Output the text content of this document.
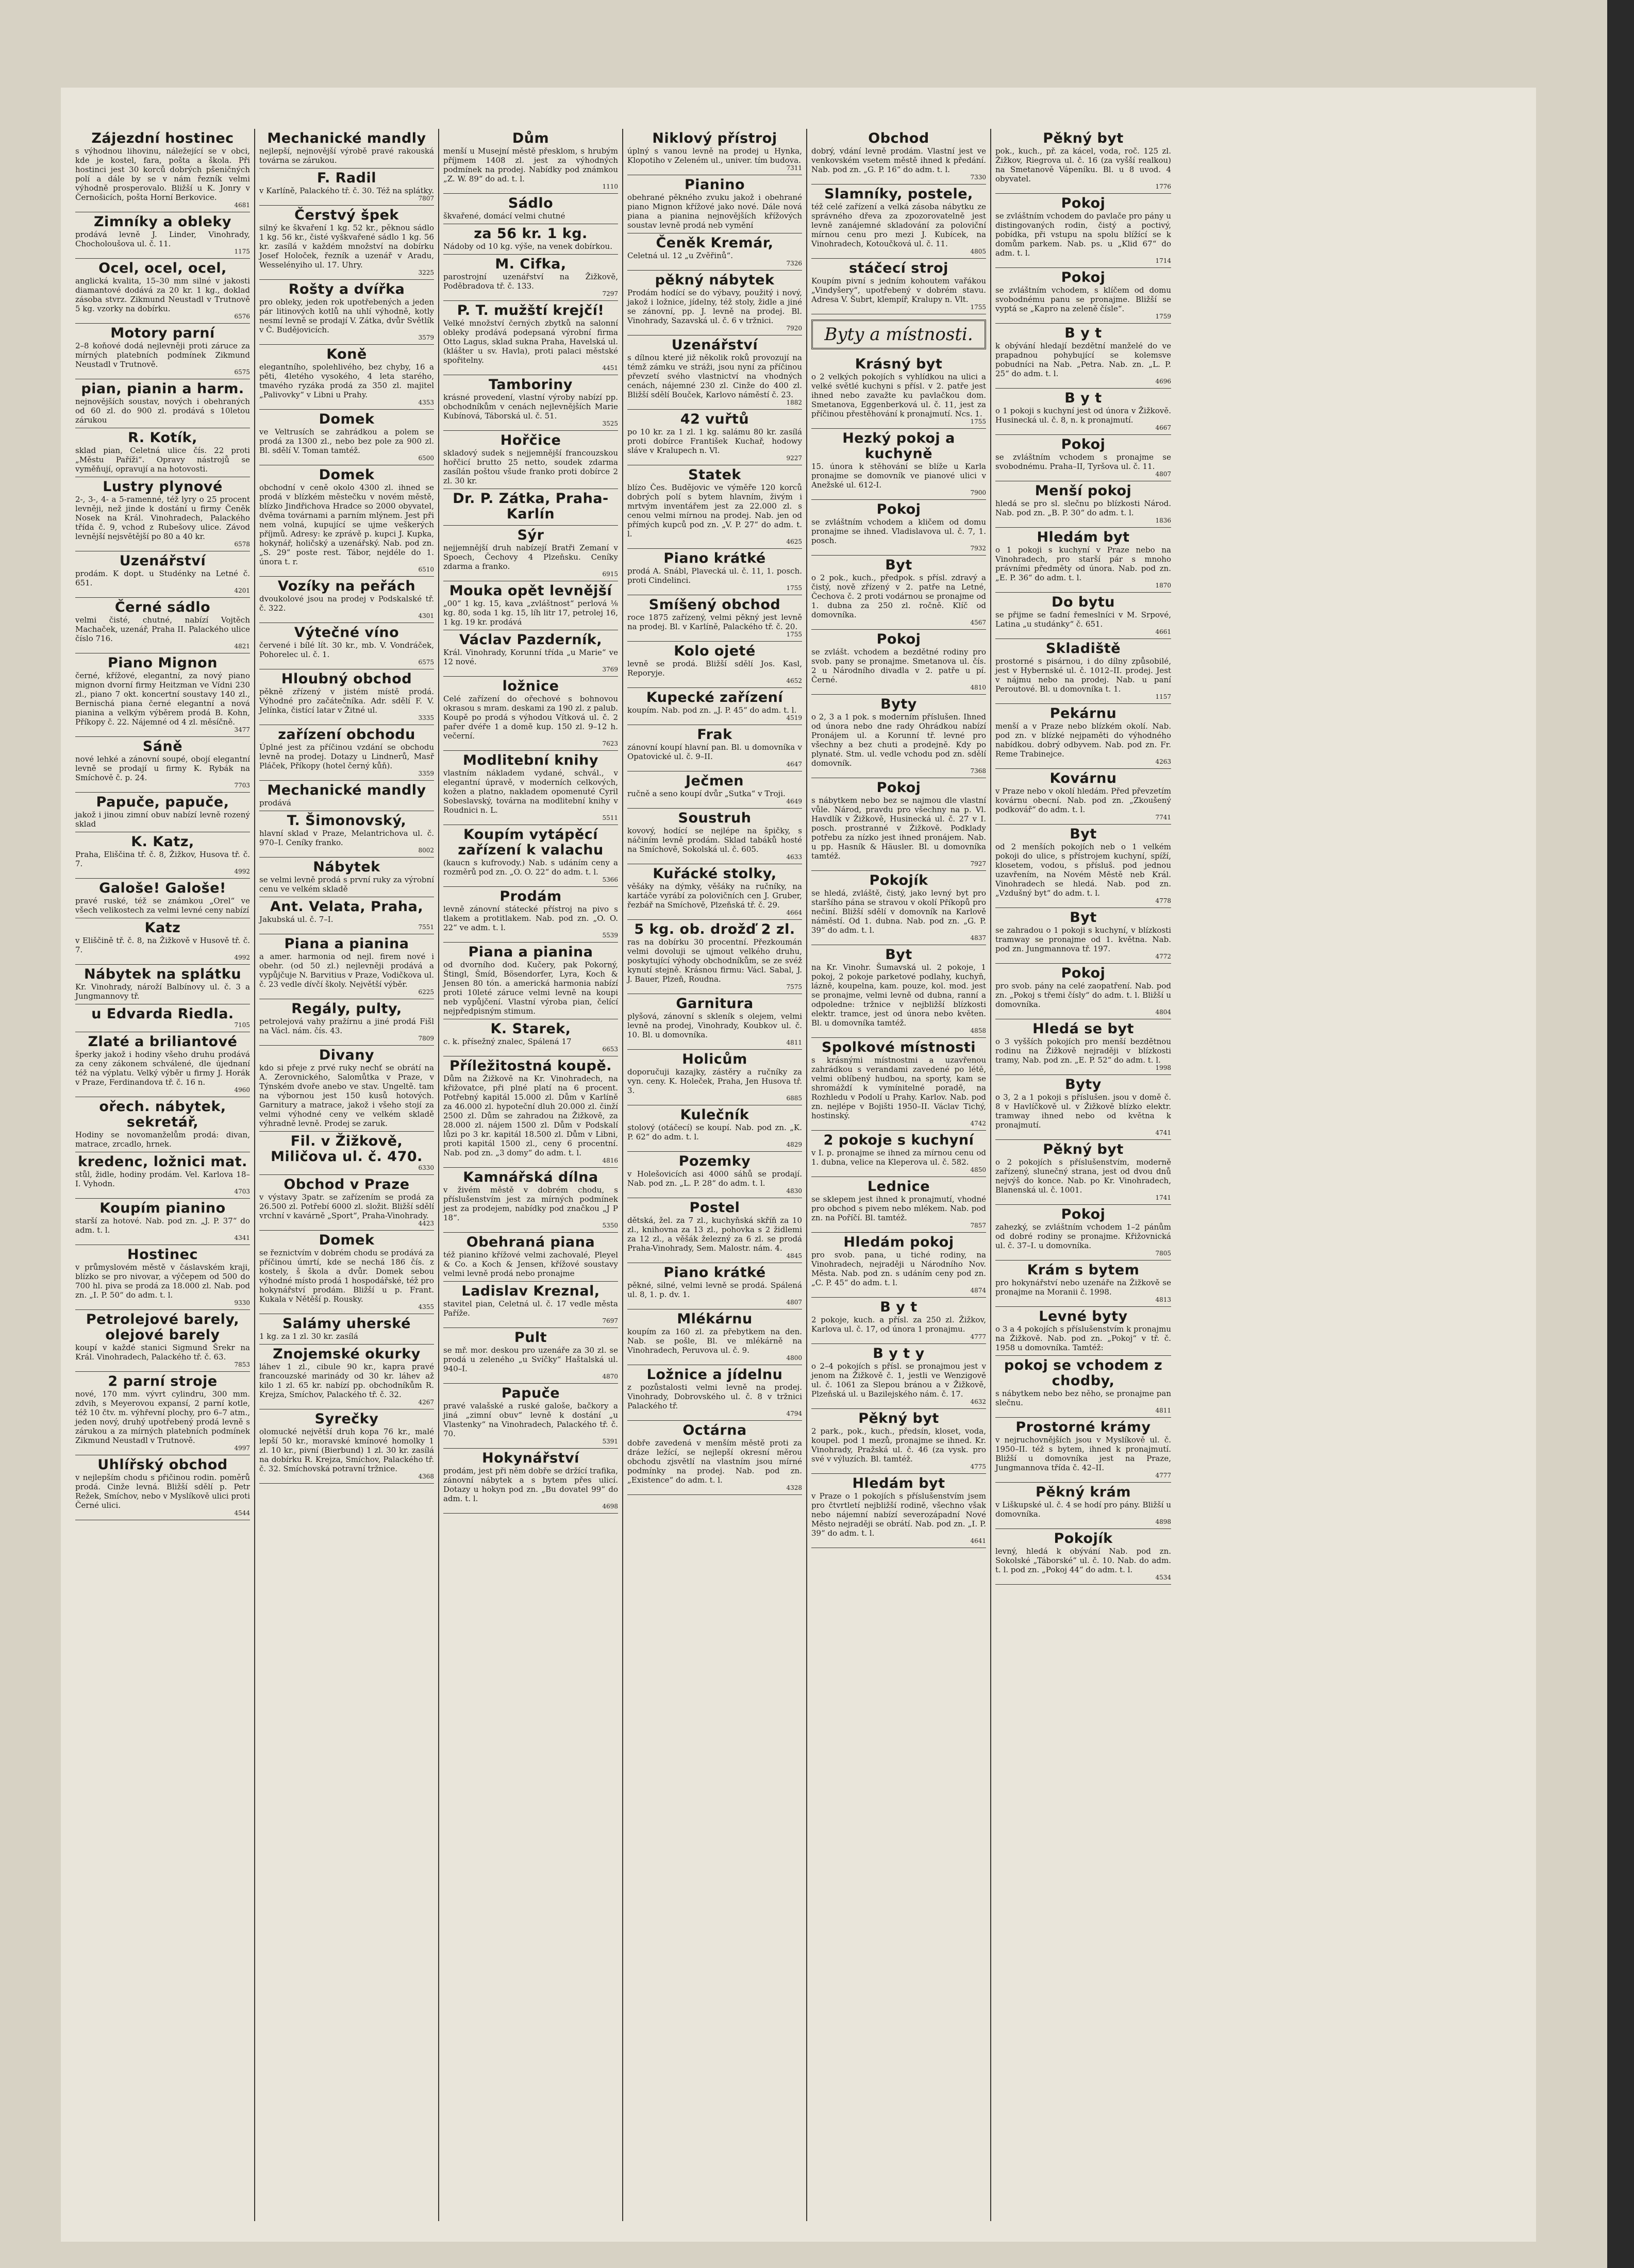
Zájezdní hostinec
s výhodnou lihovinu, náležející se v obci, kde je kostel, fara, pošta a škola. Při hostinci jest 30 korců dobrých pšeničných polí a dále by se v nám řezník velmi výhodně prosperovalo. Bližší u K. Jonry v Černošicích, pošta Horní Berkovice.
4681
Zimníky a obleky
prodává levně J. Linder, Vinohrady, Chocholoušova ul. č. 11.
1175
Ocel, ocel, ocel,
anglická kvalita, 15–30 mm silné v jakosti diamantové dodává za 20 kr. 1 kg., doklad zásoba stvrz. Zikmund Neustadl v Trutnově 5 kg. vzorky na dobírku.
6576
Motory parní
2–8 koňové dodá nejlevněji proti záruce za mírných platebních podmínek Zikmund Neustadl v Trutnově.
6575
pian, pianin a harm.
nejnovějších soustav, nových i obehraných od 60 zl. do 900 zl. prodává s 10letou zárukou
R. Kotík,
sklad pian, Celetná ulice čís. 22 proti „Městu Paříži“. Opravy nástrojů se vyměňují, opravují a na hotovosti.
Lustry plynové
2-, 3-, 4- a 5-ramenné, též lyry o 25 procent levněji, než jinde k dostání u firmy Čeněk Nosek na Král. Vinohradech, Palackého třída č. 9, vchod z Rubešovy ulice. Závod levnější nejsvětější po 80 a 40 kr.
6578
Uzenářství
prodám. K dopt. u Studénky na Letné č. 651.
4201
Černé sádlo
velmi čisté, chutné, nabízí Vojtěch Machaček, uzenář, Praha II. Palackého ulice číslo 716.
4821
Piano Mignon
černé, křížové, elegantní, za nový piano mignon dvorní firmy Heitzman ve Vídni 230 zl., piano 7 okt. koncertní soustavy 140 zl., Bernischá piana černé elegantní a nová pianina a velkým výběrem prodá B. Kohn, Příkopy č. 22. Nájemné od 4 zl. měsíčně.
3477
Sáně
nové lehké a zánovní soupé, obojí elegantní levně se prodají u firmy K. Rybák na Smíchově č. p. 24.
7703
Papuče, papuče,
jakož i jinou zimní obuv nabízí levně rozený sklad
K. Katz,
Praha, Eliščina tř. č. 8, Žižkov, Husova tř. č. 7.
4992
Galoše! Galoše!
pravé ruské, též se známkou „Orel“ ve všech velikostech za velmi levné ceny nabízí
Katz
v Eliščině tř. č. 8, na Žižkově v Husově tř. č. 7.
4992
Nábytek na splátku
Kr. Vinohrady, nároží Balbínovy ul. č. 3 a Jungmannovy tř.
u Edvarda Riedla.
7105
Zlaté a briliantové
šperky jakož i hodiny všeho druhu prodává za ceny zákonem schválené, dle újednaní též na výplatu. Velký výběr u firmy J. Horák v Praze, Ferdinandova tř. č. 16 n.
4960
ořech. nábytek, sekretář,
Hodiny se novomanželům prodá: divan, matrace, zrcadlo, hrnek.
kredenc, ložnici mat.
stůl, židle, hodiny prodám. Vel. Karlova 18–I. Vyhodn.
4703
Koupím pianino
starší za hotové. Nab. pod zn. „J. P. 37“ do adm. t. l.
4341
Hostinec
v průmyslovém městě v čáslavském kraji, blízko se pro nivovar, a výčepem od 500 do 700 hl. piva se prodá za 18.000 zl. Nab. pod zn. „I. P. 50“ do adm. t. l.
9330
Petrolejové barely, olejové barely
koupí v každé stanici Sigmund Šrekr na Král. Vinohradech, Palackého tř. č. 63.
7853
2 parní stroje
nové, 170 mm. vývrt cylindru, 300 mm. zdvih, s Meyerovou expansí, 2 parní kotle, též 10 čtv. m. výhřevní plochy, pro 6–7 atm., jeden nový, druhý upotřebený prodá levně s zárukou a za mírných platebních podmínek Zikmund Neustadl v Trutnově.
4997
Uhlířský obchod
v nejlepším chodu s přičinou rodin. poměrů prodá. Cinže levná. Bližší sdělí p. Petr Režek, Smíchov, nebo v Myslíkově ulici proti Černé ulici.
4544
Mechanické mandly
nejlepší, nejnovější výrobě pravé rakouská továrna se zárukou.
F. Radil
v Karlíně, Palackého tř. č. 30. Též na splátky.
7807
Čerstvý špek
silný ke škvaření 1 kg. 52 kr., pěknou sádlo 1 kg. 56 kr., čisté vyškvařené sádlo 1 kg. 56 kr. zasílá v každém množství na dobírku Josef Holoček, řezník a uzenář v Aradu, Wesselényiho ul. 17. Uhry.
3225
Rošty a dvířka
pro obleky, jeden rok upotřebených a jeden pár litinových kotlů na uhlí výhodně, kotly nesmí levně se prodají V. Zátka, dvůr Světlík v Č. Budějovicích.
3579
Koně
elegantního, spolehlivého, bez chyby, 16 a pěti, 4letého vysokého, 4 leta starého, tmavého ryzáka prodá za 350 zl. majitel „Palivovky“ v Libni u Prahy.
4353
Domek
ve Veltrusích se zahrádkou a polem se prodá za 1300 zl., nebo bez pole za 900 zl. Bl. sdělí V. Toman tamtéž.
6500
Domek
obchodní v ceně okolo 4300 zl. ihned se prodá v blízkém městečku v novém městě, blízko Jindřichova Hradce so 2000 obyvatel, dvěma továrnami a parním mlýnem. Jest při nem volná, kupující se ujme veškerých příjmů. Adresy: ke zprávě p. kupci J. Kupka, hokynář, holičský a uzenářský. Nab. pod zn. „S. 29“ poste rest. Tábor, nejdéle do 1. února t. r.
6510
Vozíky na peřách
dvoukolové jsou na prodej v Podskalské tř. č. 322.
4301
Výtečné víno
červené i bílé lít. 30 kr., mb. V. Vondráček, Pohorelec ul. č. 1.
6575
Hloubný obchod
pěkně zřízený v jistém místě prodá. Výhodné pro začátečníka. Adr. sdělí F. V. Jelínka, čistící latar v Žitné ul.
3335
zařízení obchodu
Úplné jest za příčinou vzdání se obchodu levně na prodej. Dotazy u Lindnerů, Masř Pláček, Příkopy (hotel černý kůň).
3359
Mechanické mandly
prodává
T. Šimonovský,
hlavní sklad v Praze, Melantrichova ul. č. 970–I. Ceníky franko.
8002
Nábytek
se velmi levně prodá s první ruky za výrobní cenu ve velkém skladě
Ant. Velata, Praha,
Jakubská ul. č. 7–I.
7551
Piana a pianina
a amer. harmonia od nejl. firem nové i obehr. (od 50 zl.) nejlevněji prodává a vypůjčuje N. Barvitius v Praze, Vodičkova ul. č. 23 vedle dívčí školy. Největší výběr.
6225
Regály, pulty,
petrolejová vahy pražírnu a jiné prodá Fišl na Václ. nám. čís. 43.
7809
Divany
kdo si přeje z prvé ruky nechť se obrátí na A. Zerovnického, Salomůtka v Praze, v Týnském dvoře anebo ve stav. Ungeltě. tam na výbornou jest 150 kusů hotových. Garnitury a matrace, jakož i všeho stojí za velmi výhodné ceny ve velkém skladě výhradně levně. Prodej se zaruk.
Fil. v Žižkově, Miličova ul. č. 470.
6330
Obchod v Praze
v výstavy 3patr. se zařízením se prodá za 26.500 zl. Potřebí 6000 zl. složit. Bližší sdělí vrchní v kavárně „Sport“, Praha-Vinohrady.
4423
Domek
se řeznictvím v dobrém chodu se prodává za příčinou úmrtí, kde se nechá 186 čís. z kostely, š škola a dvůr. Domek sebou výhodné místo prodá 1 hospodářské, též pro hokynářství prodám. Bližší u p. Frant. Kukala v Nětěší p. Rousky.
4355
Salámy uherské
1 kg. za 1 zl. 30 kr. zasílá
Znojemské okurky
láhev 1 zl., cibule 90 kr., kapra pravé francouzské marinády od 30 kr. láhev až kilo 1 zl. 65 kr. nabízí pp. obchodníkům R. Krejza, Smíchov, Palackého tř. č. 32.
4267
Syrečky
olomucké největší druh kopa 76 kr., malé lepší 50 kr., moravské kmínové homolky 1 zl. 10 kr., pivní (Bierbund) 1 zl. 30 kr. zasílá na dobírku R. Krejza, Smíchov, Palackého tř. č. 32. Smíchovská potravní tržnice.
4368
Dům
menší u Musejní městě přesklom, s hrubým příjmem 1408 zl. jest za výhodných podmínek na prodej. Nabídky pod známkou „Z. W. 89“ do ad. t. l.
1110
Sádlo
škvařené, domácí velmi chutné
za 56 kr. 1 kg.
Nádoby od 10 kg. výše, na venek dobírkou.
M. Cifka,
parostrojní uzenářství na Žižkově, Poděbradova tř. č. 133.
7297
P. T. mužští krejčí!
Velké množství černých zbytků na salonní obleky prodává podepsaná výrobní firma Otto Lagus, sklad sukna Praha, Havelská ul. (klášter u sv. Havla), proti palaci městské spořitelny.
4451
Tamboriny
krásné provedení, vlastní výroby nabízí pp. obchodníkům v cenách nejlevnějších Marie Kubínová, Táborská ul. č. 51.
3525
Hořčice
skladový sudek s nejjemnější francouzskou hořčicí brutto 25 netto, soudek zdarma zasílán poštou všude franko proti dobírce 2 zl. 30 kr.
Dr. P. Zátka, Praha-Karlín
Sýr
nejjemnější druh nabízejí Bratři Zemaní v Spoech, Čechovy 4 Plzeňsku. Ceníky zdarma a franko.
6915
Mouka opět levnější
„00“ 1 kg. 15, kava „zvláštnost“ perlová ⅛ kg. 80, soda 1 kg. 15, líh litr 17, petrolej 16, 1 kg. 19 kr. prodává
Václav Pazderník,
Král. Vinohrady, Korunní třída „u Marie“ ve 12 nové.
3769
ložnice
Celé zařízení do ořechové s bohnovou okrasou s mram. deskami za 190 zl. z palub. Koupě po prodá s výhodou Vítková ul. č. 2 pařer dvéře 1 a domě kup. 150 zl. 9–12 h. večerní.
7623
Modlitební knihy
vlastním nákladem vydané, schvál., v elegantní úpravě, v moderních celkových, kožen a platno, nakladem opomenuté Cyril Sobeslavský, továrna na modlitební knihy v Roudnici n. L.
5511
Koupím vytápěcí zařízení k valachu
(kaucn s kufrovody.) Nab. s udáním ceny a rozměrů pod zn. „O. O. 22“ do adm. t. l.
5366
Prodám
levně zánovní státecké přístroj na pivo s tlakem a protitlakem. Nab. pod zn. „O. O. 22“ ve adm. t. l.
5539
Piana a pianina
od dvorního dod. Kučery, pak Pokorný, Štingl, Šmíd, Bösendorfer, Lyra, Koch & Jensen 80 tón. a americká harmonia nabízí proti 10leté záruce velmi levně na koupi neb vypůjčení. Vlastní výroba pian, čelící nejpředpisným stimum.
K. Starek,
c. k. přísežný znalec, Spálená 17
6653
Příležitostná koupě.
Dům na Žižkově na Kr. Vinohradech, na křižovatce, při plné platí na 6 procent. Potřebný kapitál 15.000 zl. Dům v Karlíně za 46.000 zl. hypoteční dluh 20.000 zl. činží 2500 zl. Dům se zahradou na Žižkově, za 28.000 zl. nájem 1500 zl. Dům v Podskalí lůzi po 3 kr. kapitál 18.500 zl. Dům v Libni, proti kapitál 1500 zl., ceny 6 procentní. Nab. pod zn. „3 domy“ do adm. t. l.
4816
Kamnářská dílna
v živém městě v dobrém chodu, s příslušenstvím jest za mírných podmínek jest za prodejem, nabídky pod značkou „J P 18“.
5350
Obehraná piana
též pianino křížové velmi zachovalé, Pleyel & Co. a Koch & Jensen, křížové soustavy velmi levně prodá nebo pronajme
Ladislav Kreznal,
stavitel pian, Celetná ul. č. 17 vedle města Paříže.
7697
Pult
se mř. mor. deskou pro uzenáře za 30 zl. se prodá u zeleného „u Svíčky“ Haštalská ul. 940–I.
4870
Papuče
pravé valašské a ruské galoše, bačkory a jiná „zimní obuv“ levně k dostání „u Vlastenky“ na Vinohradech, Palackého tř. č. 70.
5391
Hokynářství
prodám, jest při něm dobře se držící trafika, zánovní nábytek a s bytem přes ulicí. Dotazy u hokyn pod zn. „Bu dovatel 99“ do adm. t. l.
4698
Niklový přístroj
úplný s vanou levně na prodej u Hynka, Klopotiho v Zeleném ul., univer. tím budova.
7311
Pianino
obehrané pěkného zvuku jakož i obehrané piano Mignon křížové jako nové. Dále nová piana a pianina nejnovějších křížových soustav levně prodá neb vymění
Čeněk Kremár,
Celetná ul. 12 „u Zvěřinů“.
7326
pěkný nábytek
Prodám hodící se do výbavy, použitý i nový, jakož i ložnice, jídelny, též stoly, židle a jiné se zánovní, pp. J. levně na prodej. Bl. Vinohrady, Sazavská ul. č. 6 v tržnici.
7920
Uzenářství
s dílnou které již několik roků provozují na témž zámku ve stráži, jsou nyní za příčinou převzetí svého vlastnictví na vhodných cenách, nájemné 230 zl. Cinže do 400 zl. Bližší sdělí Bouček, Karlovo náměstí č. 23.
1882
42 vuřtů
po 10 kr. za 1 zl. 1 kg. salámu 80 kr. zasílá proti dobírce František Kuchař, hodowy sláve v Kralupech n. Vl.
9227
Statek
blízo Čes. Budějovic ve výměře 120 korců dobrých polí s bytem hlavním, živým i mrtvým inventářem jest za 22.000 zl. s cenou velmi mírnou na prodej. Nab. jen od přímých kupců pod zn. „V. P. 27“ do adm. t. l.
4625
Piano krátké
prodá A. Snábl, Plavecká ul. č. 11, 1. posch. proti Cindelinci.
1755
Smíšený obchod
roce 1875 zařízený, velmi pěkný jest levně na prodej. Bl. v Karlíně, Palackého tř. č. 20.
1755
Kolo ojeté
levně se prodá. Bližší sdělí Jos. Kasl, Reporyje.
4652
Kupecké zařízení
koupím. Nab. pod zn. „J. P. 45“ do adm. t. l.
4519
Frak
zánovní koupí hlavní pan. Bl. u domovníka v Opatovické ul. č. 9–II.
4647
Ječmen
ručně a seno koupí dvůr „Sutka“ v Troji.
4649
Soustruh
kovový, hodící se nejlépe na špičky, s náčiním levně prodám. Sklad tabáků hosté na Smíchově, Sokolská ul. č. 605.
4633
Kuřácké stolky,
věšáky na dýmky, věšáky na ručníky, na kartáče vyrábí za polovičních cen J. Gruber, řezbář na Smíchově, Plzeňská tř. č. 29.
4664
5 kg. ob. drožď 2 zl.
ras na dobírku 30 procentní. Přezkoumán velmi dovoluji se ujmout velkého druhu, poskytující výhody obchodníkům, se ze svéž kynutí stejně. Krásnou firmu: Václ. Sabal, J. J. Bauer, Plzeň, Roudna.
7575
Garnitura
plyšová, zánovní s skleník s olejem, velmi levně na prodej, Vinohrady, Koubkov ul. č. 10. Bl. u domovníka.
4811
Holicům
doporučuji kazajky, zástěry a ručníky za vyn. ceny. K. Holeček, Praha, Jen Husova tř. 3.
6885
Kulečník
stolový (otáčecí) se koupí. Nab. pod zn. „K. P. 62“ do adm. t. l.
4829
Pozemky
v Holešovicích asi 4000 sáhů se prodají. Nab. pod zn. „L. P. 28“ do adm. t. l.
4830
Postel
dětská, žel. za 7 zl., kuchyňská skříň za 10 zl., knihovna za 13 zl., pohovka s 2 židlemi za 12 zl., a věšák železný za 6 zl. se prodá Praha-Vinohrady, Sem. Malostr. nám. 4.
4845
Piano krátké
pěkné, silné, velmi levně se prodá. Spálená ul. 8, 1. p. dv. 1.
4807
Mlékárnu
koupím za 160 zl. za přebytkem na den. Nab. se pošle, Bl. ve mlékárně na Vinohradech, Peruvova ul. č. 9.
4800
Ložnice a jídelnu
z pozůstalosti velmi levně na prodej. Vinohrady, Dobrovského ul. č. 8 v tržnici Palackého tř.
4794
Octárna
dobře zavedená v menším městě proti za dráze ležící, se nejlepší okresní měrou obchodu zjsvětlí na vlastním jsou mírné podmínky na prodej. Nab. pod zn. „Existence“ do adm. t. l.
4328
Obchod
dobrý, vdání levně prodám. Vlastní jest ve venkovském vsetem městě ihned k předání. Nab. pod zn. „G. P. 16“ do adm. t. l.
7330
Slamníky, postele,
též celé zařízení a velká zásoba nábytku ze správného dřeva za zpozorovatelně jest levně zanájemné skladování za poloviční mírnou cenu pro mezi J. Kubícek, na Vinohradech, Kotoučková ul. č. 11.
4805
stáčecí stroj
Koupím pivní s jedním kohoutem vařákou „Vindyšery“, upotřebený v dobrém stavu. Adresa V. Šubrt, klempíř, Kralupy n. Vlt.
1755
Byty a místnosti.
Krásný byt
o 2 velkých pokojích s vyhlídkou na ulici a velké světlé kuchyni s přísl. v 2. patře jest ihned nebo zavažte ku pavlačkou dom. Smetanova, Eggenberková ul. č. 11, jest za příčinou přestěhování k pronajmutí. Ncs. 1.
1755
Hezký pokoj a kuchyně
15. února k stěhování se blíže u Karla pronajme se domovník ve pianové ulici v Anežské ul. 612-I.
7900
Pokoj
se zvláštním vchodem a kličem od domu pronajme se ihned. Vladislavova ul. č. 7, 1. posch.
7932
Byt
o 2 pok., kuch., předpok. s přísl. zdravý a čistý, nově zřízený v 2. patře na Letné, Čechova č. 2 proti vodárnou se pronajme od 1. dubna za 250 zl. ročně. Klíč od domovníka.
4567
Pokoj
se zvlášt. vchodem a bezdětné rodiny pro svob. pany se pronajme. Smetanova ul. čís. 2 u Národního divadla v 2. patře u pí. Černé.
4810
Byty
o 2, 3 a 1 pok. s moderním příslušen. Ihned od února nebo dne rady Ohrádkou nabízí Pronájem ul. a Korunní tř. levné pro všechny a bez chuti a prodejně. Kdy po plynaté. Stm. ul. vedle vchodu pod zn. sdělí domovník.
7368
Pokoj
s nábytkem nebo bez se najmou dle vlastní vůle. Národ, pravdu pro všechny na p. Vl. Havdlík v Žižkově, Husinecká ul. č. 27 v I. posch. prostranné v Žižkově. Podklady potřebu za nízko jest ihned pronájem. Nab. u pp. Hasník & Häusler. Bl. u domovníka tamtéž.
7927
Pokojík
se hledá, zvláště, čistý, jako levný byt pro staršího pána se stravou v okolí Příkopů pro nečiní. Bližší sdělí v domovník na Karlově náměstí. Od 1. dubna. Nab. pod zn. „G. P. 39“ do adm. t. l.
4837
Byt
na Kr. Vinohr. Šumavská ul. 2 pokoje, 1 pokoj, 2 pokoje parketové podlahy, kuchyň, lázně, koupelna, kam. pouze, kol. mod. jest se pronajme, velmi levně od dubna, ranní a odpoledne: tržnice v nejbližší blízkosti elektr. tramce, jest od února nebo květen. Bl. u domovníka tamtéž.
4858
Spolkové místnosti
s krásnými místnostmi a uzavřenou zahrádkou s verandami zavedené po létě, velmi oblíbený hudbou, na sporty, kam se shromáždí k vymínitelné poradě, na Rozhledu v Podolí u Prahy. Karlov. Nab. pod zn. nejlépe v Bojišti 1950–II. Václav Tichý, hostinský.
4742
2 pokoje s kuchyní
v I. p. pronajme se ihned za mírnou cenu od 1. dubna, velice na Kleperova ul. č. 582.
4850
Lednice
se sklepem jest ihned k pronajmutí, vhodné pro obchod s pivem nebo mlékem. Nab. pod zn. na Poříčí. Bl. tamtéž.
7857
Hledám pokoj
pro svob. pana, u tiché rodiny, na Vinohradech, nejraději u Národního Nov. Města. Nab. pod zn. s udáním ceny pod zn. „C. P. 45“ do adm. t. l.
4874
B y t
2 pokoje, kuch. a přísl. za 250 zl. Žižkov, Karlova ul. č. 17, od února 1 pronajmu.
4777
B y t y
o 2–4 pokojích s přísl. se pronajmou jest v jenom na Žižkově č. 1, jestli ve Wenzigově ul. č. 1061 za Slepou bránou a v Žižkově, Plzeňská ul. u Bazilejského nám. č. 17.
4632
Pěkný byt
2 park., pok., kuch., předsín, kloset, voda, koupel. pod 1 mezů, pronajme se ihned. Kr. Vinohrady, Pražská ul. č. 46 (za vysk. pro své v výluzích. Bl. tamtéž.
4775
Hledám byt
v Praze o 1 pokojích s příslušenstvím jsem pro čtvrtletí nejbližší rodině, všechno však nebo nájemní nabízí severozápadní Nové Město nejraději se obrátí. Nab. pod zn. „I. P. 39“ do adm. t. l.
4641
Pěkný byt
pok., kuch., př. za kácel, voda, roč. 125 zl. Žižkov, Riegrova ul. č. 16 (za vyšší realkou) na Smetanově Vápeníku. Bl. u 8 uvod. 4 obyvatel.
1776
Pokoj
se zvláštním vchodem do pavlače pro pány u distingovaných rodin, čistý a poctivý, pobídka, při vstupu na spolu blížící se k domům parkem. Nab. ps. u „Klid 67“ do adm. t. l.
1714
Pokoj
se zvláštním vchodem, s klíčem od domu svobodnému panu se pronajme. Bližší se vyptá se „Kapro na zeleně čísle“.
1759
B y t
k obývání hledají bezdětní manželé do ve prapadnou pohybující se kolemsve pobudníci na Nab. „Petra. Nab. zn. „L. P. 25“ do adm. t. l.
4696
B y t
o 1 pokoji s kuchyní jest od února v Žižkově. Husinecká ul. č. 8, n. k pronajmutí.
4667
Pokoj
se zvláštním vchodem s pronajme se svobodnému. Praha–II, Tyršova ul. č. 11.
4807
Menší pokoj
hledá se pro sl. slečnu po blízkosti Národ. Nab. pod zn. „B. P. 30“ do adm. t. l.
1836
Hledám byt
o 1 pokoji s kuchyní v Praze nebo na Vinohradech, pro starší pár s mnoho právními předměty od února. Nab. pod zn. „E. P. 36“ do adm. t. l.
1870
Do bytu
se přijme se ťadní řemeslníci v M. Srpové, Latina „u studánky“ č. 651.
4661
Skladiště
prostorné s pisárnou, i do dílny způsobilé, jest v Hybernské ul. č. 1012–II. prodej. Jest v nájmu nebo na prodej. Nab. u paní Peroutové. Bl. u domovníka t. 1.
1157
Pekárnu
menší a v Praze nebo blízkém okolí. Nab. pod zn. v blízké nejpaměti do výhodného nabídkou. dobrý odbyvem. Nab. pod zn. Fr. Reme Trabinejce.
4263
Kovárnu
v Praze nebo v okolí hledám. Před převzetím kovárnu obecní. Nab. pod zn. „Zkoušený podkovář“ do adm. t. l.
7741
Byt
od 2 menších pokojích neb o 1 velkém pokoji do ulice, s přístrojem kuchyní, spíží, klosetem, vodou, s přísluš. pod jednou uzavřením, na Novém Městě neb Král. Vinohradech se hledá. Nab. pod zn. „Vzdušný byt“ do adm. t. l.
4778
Byt
se zahradou o 1 pokoji s kuchyní, v blízkosti tramway se pronajme od 1. května. Nab. pod zn. Jungmannova tř. 197.
4772
Pokoj
pro svob. pány na celé zaopatření. Nab. pod zn. „Pokoj s třemi čísly“ do adm. t. l. Bližší u domovníka.
4804
Hledá se byt
o 3 vyšších pokojích pro menší bezdětnou rodinu na Žižkově nejraději v blízkosti tramy, Nab. pod zn. „E. P. 52“ do adm. t. l.
1998
Byty
o 3, 2 a 1 pokoji s příslušen. jsou v domě č. 8 v Havlíčkově ul. v Žižkově blízko elektr. tramway ihned nebo od května k pronajmutí.
4741
Pěkný byt
o 2 pokojích s příslušenstvím, moderně zařízený, slunečný strana, jest od dvou dnů nejvýš do konce. Nab. po Kr. Vinohradech, Blanenská ul. č. 1001.
1741
Pokoj
zahezký, se zvláštním vchodem 1–2 pánům od dobré rodiny se pronajme. Křižovnická ul. č. 37–I. u domovníka.
7805
Krám s bytem
pro hokynářství nebo uzenáře na Žižkově se pronajme na Moranii č. 1998.
4813
Levné byty
o 3 a 4 pokojích s příslušenstvím k pronajmu na Žižkově. Nab. pod zn. „Pokoj“ v tř. č. 1958 u domovníka. Tamtéž:
pokoj se vchodem z chodby,
s nábytkem nebo bez něho, se pronajme pan slečnu.
4811
Prostorné krámy
v nejruchovnějších jsou v Myslíkově ul. č. 1950–II. též s bytem, ihned k pronajmutí. Bližší u domovníka jest na Praze, Jungmannova třída č. 42–II.
4777
Pěkný krám
v Liškupské ul. č. 4 se hodí pro pány. Bližší u domovníka.
4898
Pokojík
levný, hledá k obývání Nab. pod zn. Sokolské „Táborské“ ul. č. 10. Nab. do adm. t. l. pod zn. „Pokoj 44“ do adm. t. l.
4534
